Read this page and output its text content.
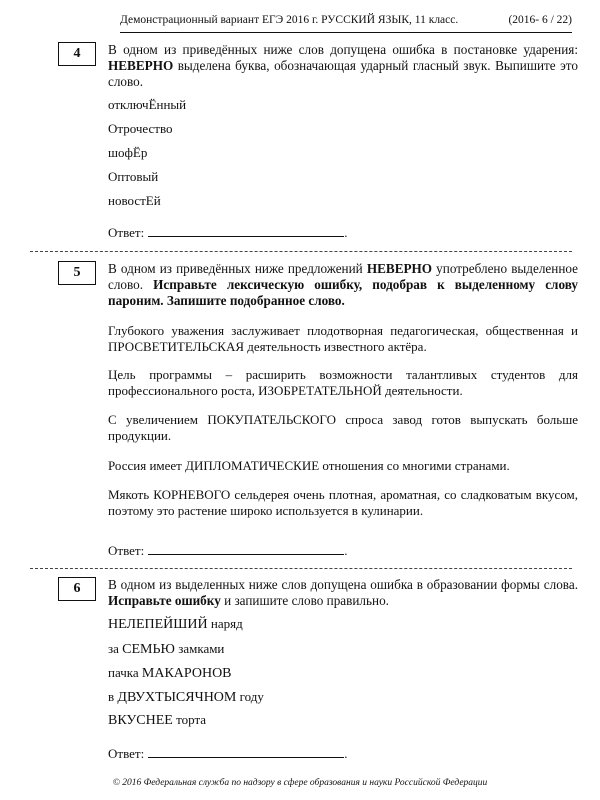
Демонстрационный вариант ЕГЭ 2016 г. РУССКИЙ ЯЗЫК, 11 класс.	(2016- 6 / 22)
4	В одном из приведённых ниже слов допущена ошибка в постановке ударения: НЕВЕРНО выделена буква, обозначающая ударный гласный звук. Выпишите это слово.

отключЁнный
Отрочество
шофЁр
Оптовый
новостЕй
Ответ:	.
5	В одном из приведённых ниже предложений НЕВЕРНО употреблено выделенное слово. Исправьте лексическую ошибку, подобрав к выделенному слову пароним. Запишите подобранное слово.

Глубокого уважения заслуживает плодотворная педагогическая, общественная и ПРОСВЕТИТЕЛЬСКАЯ деятельность известного актёра.
Цель программы – расширить возможности талантливых студентов для профессионального роста, ИЗОБРЕТАТЕЛЬНОЙ деятельности.
С увеличением ПОКУПАТЕЛЬСКОГО спроса завод готов выпускать больше продукции.
Россия имеет ДИПЛОМАТИЧЕСКИЕ отношения со многими странами.
Мякоть КОРНЕВОГО сельдерея очень плотная, ароматная, со сладковатым вкусом, поэтому это растение широко используется в кулинарии.
Ответ:	.
6	В одном из выделенных ниже слов допущена ошибка в образовании формы слова. Исправьте ошибку и запишите слово правильно.

НЕЛЕПЕЙШИЙ наряд
за СЕМЬЮ замками
пачка МАКАРОНОВ
в ДВУХТЫСЯЧНОМ году
ВКУСНЕЕ торта
Ответ:	.
© 2016 Федеральная служба по надзору в сфере образования и науки Российской Федерации
